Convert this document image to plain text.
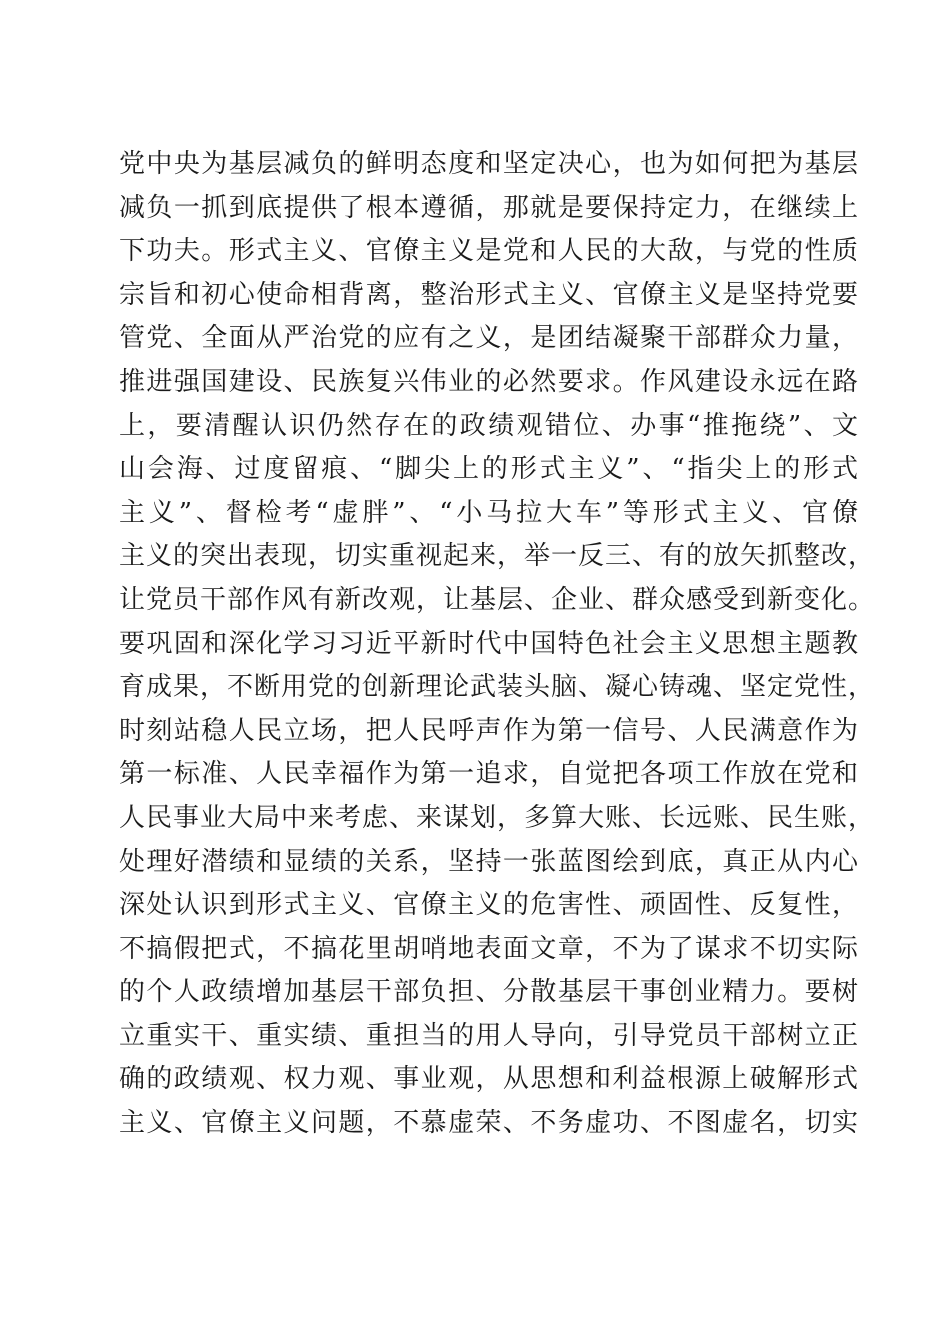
党中央为基层减负的鲜明态度和坚定决心，也为如何把为基层
减负一抓到底提供了根本遵循，那就是要保持定力，在继续上
下功夫。形式主义、官僚主义是党和人民的大敌，与党的性质
宗旨和初心使命相背离，整治形式主义、官僚主义是坚持党要
管党、全面从严治党的应有之义，是团结凝聚干部群众力量，
推进强国建设、民族复兴伟业的必然要求。作风建设永远在路
上，要清醒认识仍然存在的政绩观错位、办事“推拖绕”、文
山会海、过度留痕、“脚尖上的形式主义”、“指尖上的形式
主义”、督检考“虚胖”、“小马拉大车”等形式主义、官僚
主义的突出表现，切实重视起来，举一反三、有的放矢抓整改，
让党员干部作风有新改观，让基层、企业、群众感受到新变化。
要巩固和深化学习习近平新时代中国特色社会主义思想主题教
育成果，不断用党的创新理论武装头脑、凝心铸魂、坚定党性，
时刻站稳人民立场，把人民呼声作为第一信号、人民满意作为
第一标准、人民幸福作为第一追求，自觉把各项工作放在党和
人民事业大局中来考虑、来谋划，多算大账、长远账、民生账，
处理好潜绩和显绩的关系，坚持一张蓝图绘到底，真正从内心
深处认识到形式主义、官僚主义的危害性、顽固性、反复性，
不搞假把式，不搞花里胡哨地表面文章，不为了谋求不切实际
的个人政绩增加基层干部负担、分散基层干事创业精力。要树
立重实干、重实绩、重担当的用人导向，引导党员干部树立正
确的政绩观、权力观、事业观，从思想和利益根源上破解形式
主义、官僚主义问题，不慕虚荣、不务虚功、不图虚名，切实
